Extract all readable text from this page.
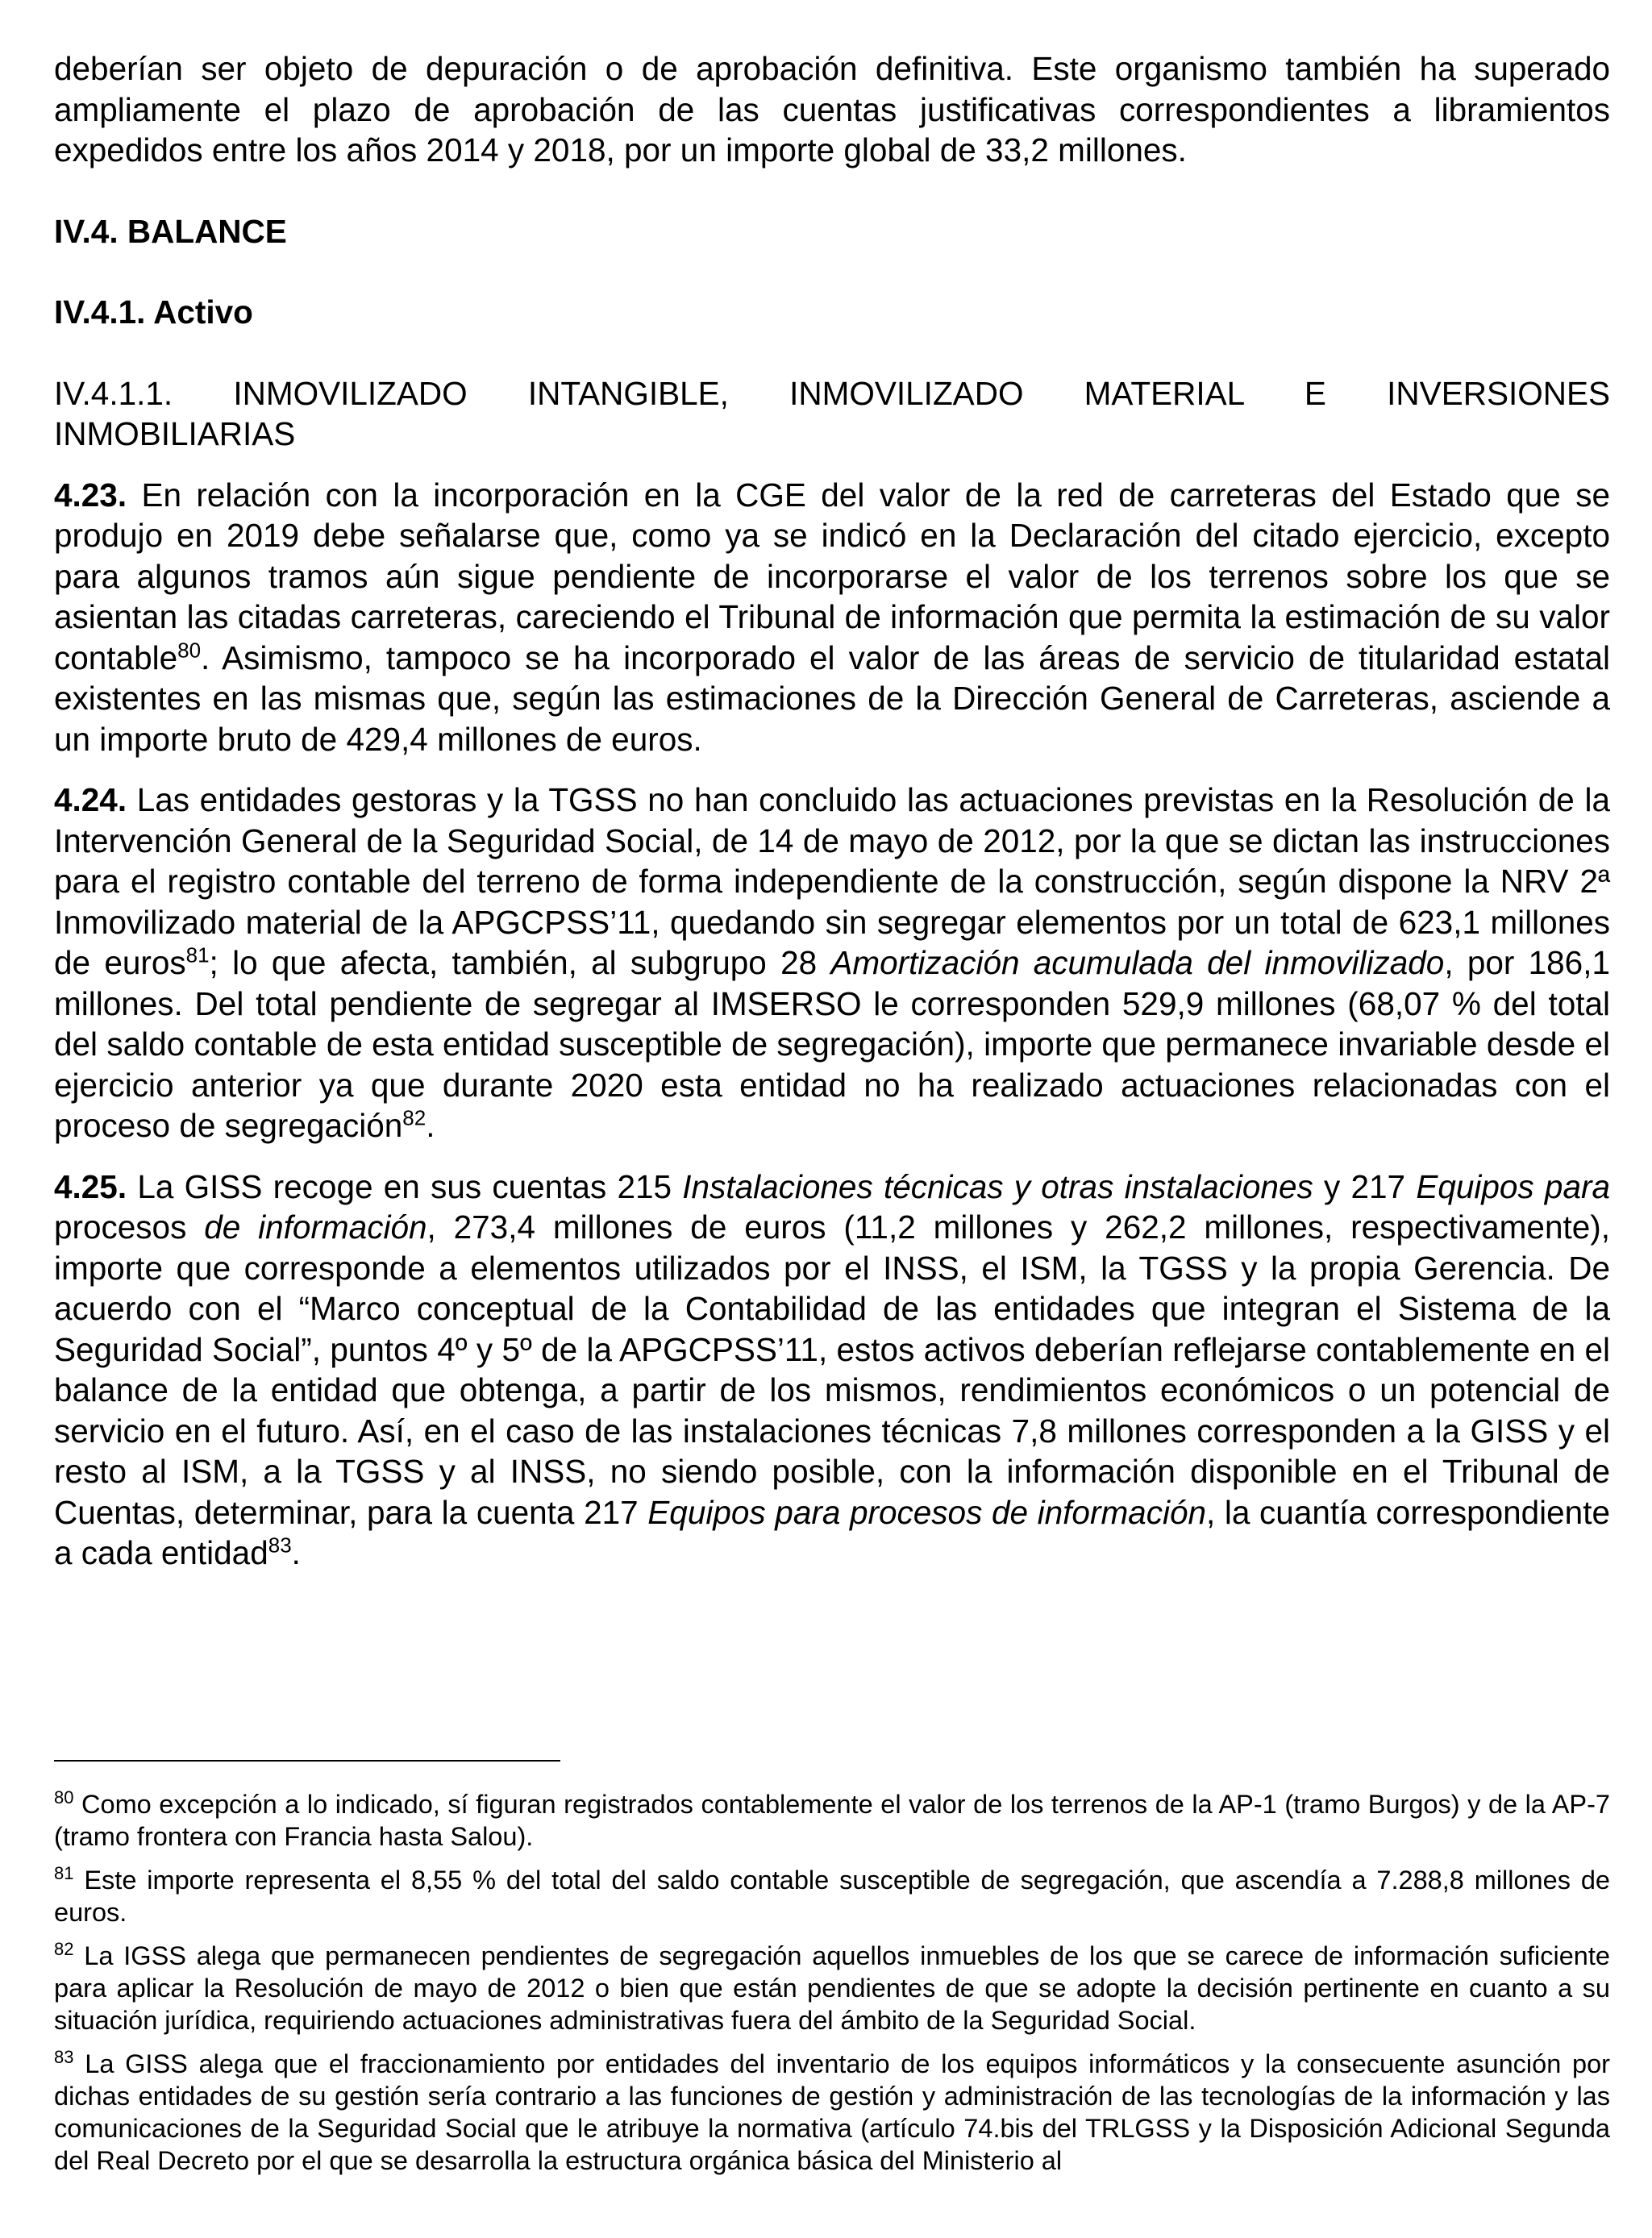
deberían ser objeto de depuración o de aprobación definitiva. Este organismo también ha superado ampliamente el plazo de aprobación de las cuentas justificativas correspondientes a libramientos expedidos entre los años 2014 y 2018, por un importe global de 33,2 millones.

IV.4. BALANCE

IV.4.1. Activo

IV.4.1.1. INMOVILIZADO INTANGIBLE, INMOVILIZADO MATERIAL E INVERSIONES
INMOBILIARIAS

4.23. En relación con la incorporación en la CGE del valor de la red de carreteras del Estado que se produjo en 2019 debe señalarse que, como ya se indicó en la Declaración del citado ejercicio, excepto para algunos tramos aún sigue pendiente de incorporarse el valor de los terrenos sobre los que se asientan las citadas carreteras, careciendo el Tribunal de información que permita la estimación de su valor contable$^{80}$. Asimismo, tampoco se ha incorporado el valor de las áreas de servicio de titularidad estatal existentes en las mismas que, según las estimaciones de la Dirección General de Carreteras, asciende a un importe bruto de 429,4 millones de euros.

4.24. Las entidades gestoras y la TGSS no han concluido las actuaciones previstas en la Resolución de la Intervención General de la Seguridad Social, de 14 de mayo de 2012, por la que se dictan las instrucciones para el registro contable del terreno de forma independiente de la construcción, según dispone la NRV 2ª Inmovilizado material de la APGCPSS’11, quedando sin segregar elementos por un total de 623,1 millones de euros$^{81}$; lo que afecta, también, al subgrupo 28 Amortización acumulada del inmovilizado, por 186,1 millones. Del total pendiente de segregar al IMSERSO le corresponden 529,9 millones (68,07 % del total del saldo contable de esta entidad susceptible de segregación), importe que permanece invariable desde el ejercicio anterior ya que durante 2020 esta entidad no ha realizado actuaciones relacionadas con el proceso de segregación$^{82}$.

4.25. La GISS recoge en sus cuentas 215 Instalaciones técnicas y otras instalaciones y 217 Equipos para procesos de información, 273,4 millones de euros (11,2 millones y 262,2 millones, respectivamente), importe que corresponde a elementos utilizados por el INSS, el ISM, la TGSS y la propia Gerencia. De acuerdo con el “Marco conceptual de la Contabilidad de las entidades que integran el Sistema de la Seguridad Social”, puntos 4º y 5º de la APGCPSS’11, estos activos deberían reflejarse contablemente en el balance de la entidad que obtenga, a partir de los mismos, rendimientos económicos o un potencial de servicio en el futuro. Así, en el caso de las instalaciones técnicas 7,8 millones corresponden a la GISS y el resto al ISM, a la TGSS y al INSS, no siendo posible, con la información disponible en el Tribunal de Cuentas, determinar, para la cuenta 217 Equipos para procesos de información, la cuantía correspondiente a cada entidad$^{83}$.

$^{80}$ Como excepción a lo indicado, sí figuran registrados contablemente el valor de los terrenos de la AP-1 (tramo Burgos) y de la AP-7 (tramo frontera con Francia hasta Salou).

$^{81}$ Este importe representa el 8,55 % del total del saldo contable susceptible de segregación, que ascendía a 7.288,8 millones de euros.

$^{82}$ La IGSS alega que permanecen pendientes de segregación aquellos inmuebles de los que se carece de información suficiente para aplicar la Resolución de mayo de 2012 o bien que están pendientes de que se adopte la decisión pertinente en cuanto a su situación jurídica, requiriendo actuaciones administrativas fuera del ámbito de la Seguridad Social.

$^{83}$ La GISS alega que el fraccionamiento por entidades del inventario de los equipos informáticos y la consecuente asunción por dichas entidades de su gestión sería contrario a las funciones de gestión y administración de las tecnologías de la información y las comunicaciones de la Seguridad Social que le atribuye la normativa (artículo 74.bis del TRLGSS y la Disposición Adicional Segunda del Real Decreto por el que se desarrolla la estructura orgánica básica del Ministerio al
